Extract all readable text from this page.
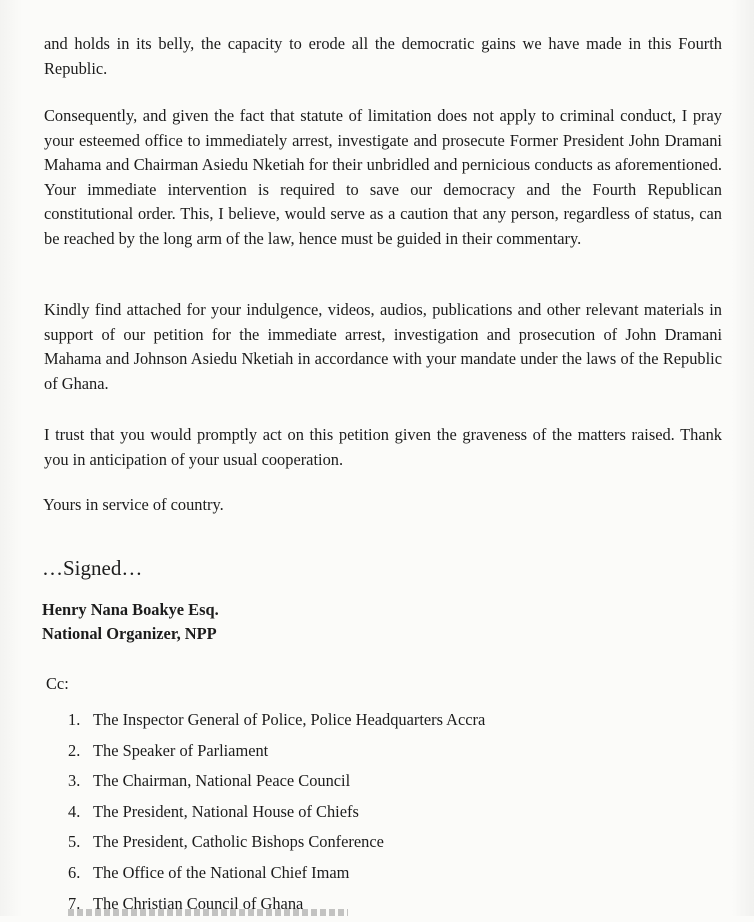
and holds in its belly, the capacity to erode all the democratic gains we have made in this Fourth Republic.

Consequently, and given the fact that statute of limitation does not apply to criminal conduct, I pray your esteemed office to immediately arrest, investigate and prosecute Former President John Dramani Mahama and Chairman Asiedu Nketiah for their unbridled and pernicious conducts as aforementioned. Your immediate intervention is required to save our democracy and the Fourth Republican constitutional order. This, I believe, would serve as a caution that any person, regardless of status, can be reached by the long arm of the law, hence must be guided in their commentary.

Kindly find attached for your indulgence, videos, audios, publications and other relevant materials in support of our petition for the immediate arrest, investigation and prosecution of John Dramani Mahama and Johnson Asiedu Nketiah in accordance with your mandate under the laws of the Republic of Ghana.

I trust that you would promptly act on this petition given the graveness of the matters raised. Thank you in anticipation of your usual cooperation.

Yours in service of country.

…Signed…

Henry Nana Boakye Esq.

National Organizer, NPP

Cc:

1. The Inspector General of Police, Police Headquarters Accra
2. The Speaker of Parliament
3. The Chairman, National Peace Council
4. The President, National House of Chiefs
5. The President, Catholic Bishops Conference
6. The Office of the National Chief Imam
7. The Christian Council of Ghana
